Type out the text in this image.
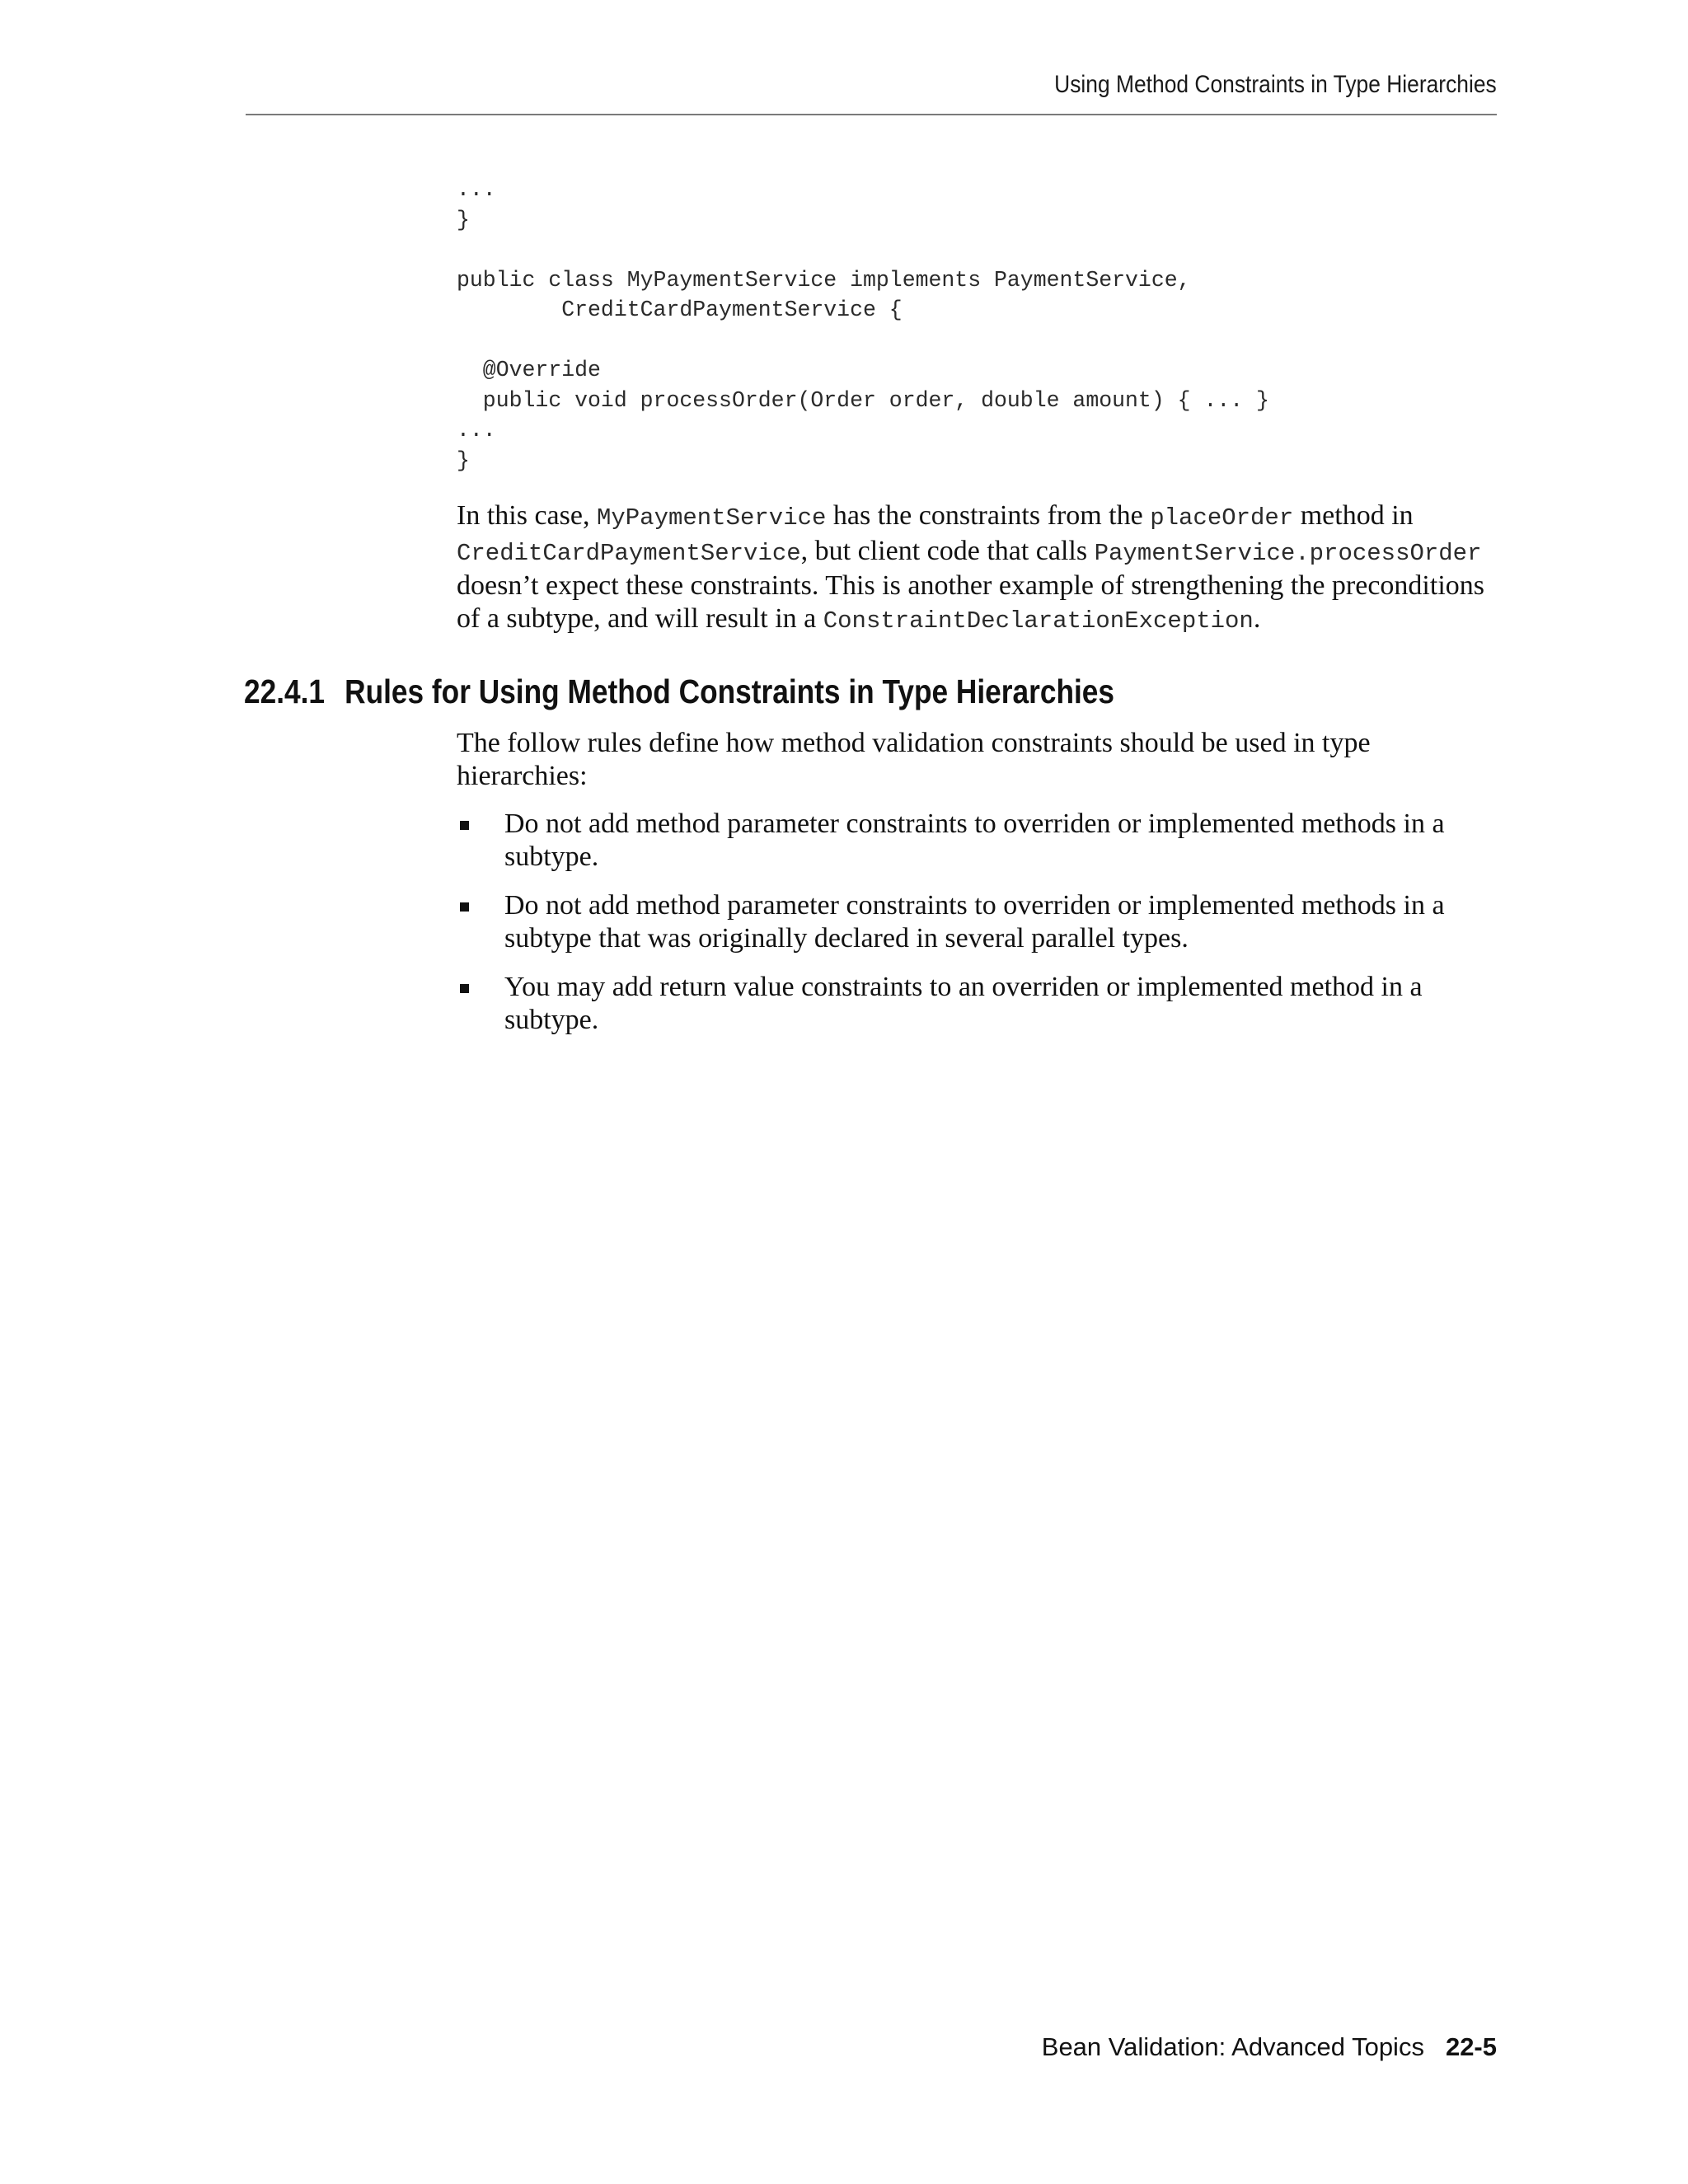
Using Method Constraints in Type Hierarchies
...
}

public class MyPaymentService implements PaymentService,
CreditCardPaymentService {

@Override
public void processOrder(Order order, double amount) { ... }
...
}

In this case, MyPaymentService has the constraints from the placeOrder method in CreditCardPaymentService, but client code that calls PaymentService.processOrder doesn’t expect these constraints. This is another example of strengthening the preconditions of a subtype, and will result in a ConstraintDeclarationException.

22.4.1 Rules for Using Method Constraints in Type Hierarchies

The follow rules define how method validation constraints should be used in type hierarchies:

Do not add method parameter constraints to overriden or implemented methods in a subtype.
Do not add method parameter constraints to overriden or implemented methods in a subtype that was originally declared in several parallel types.
You may add return value constraints to an overriden or implemented method in a subtype.
Bean Validation: Advanced Topics 22-5
